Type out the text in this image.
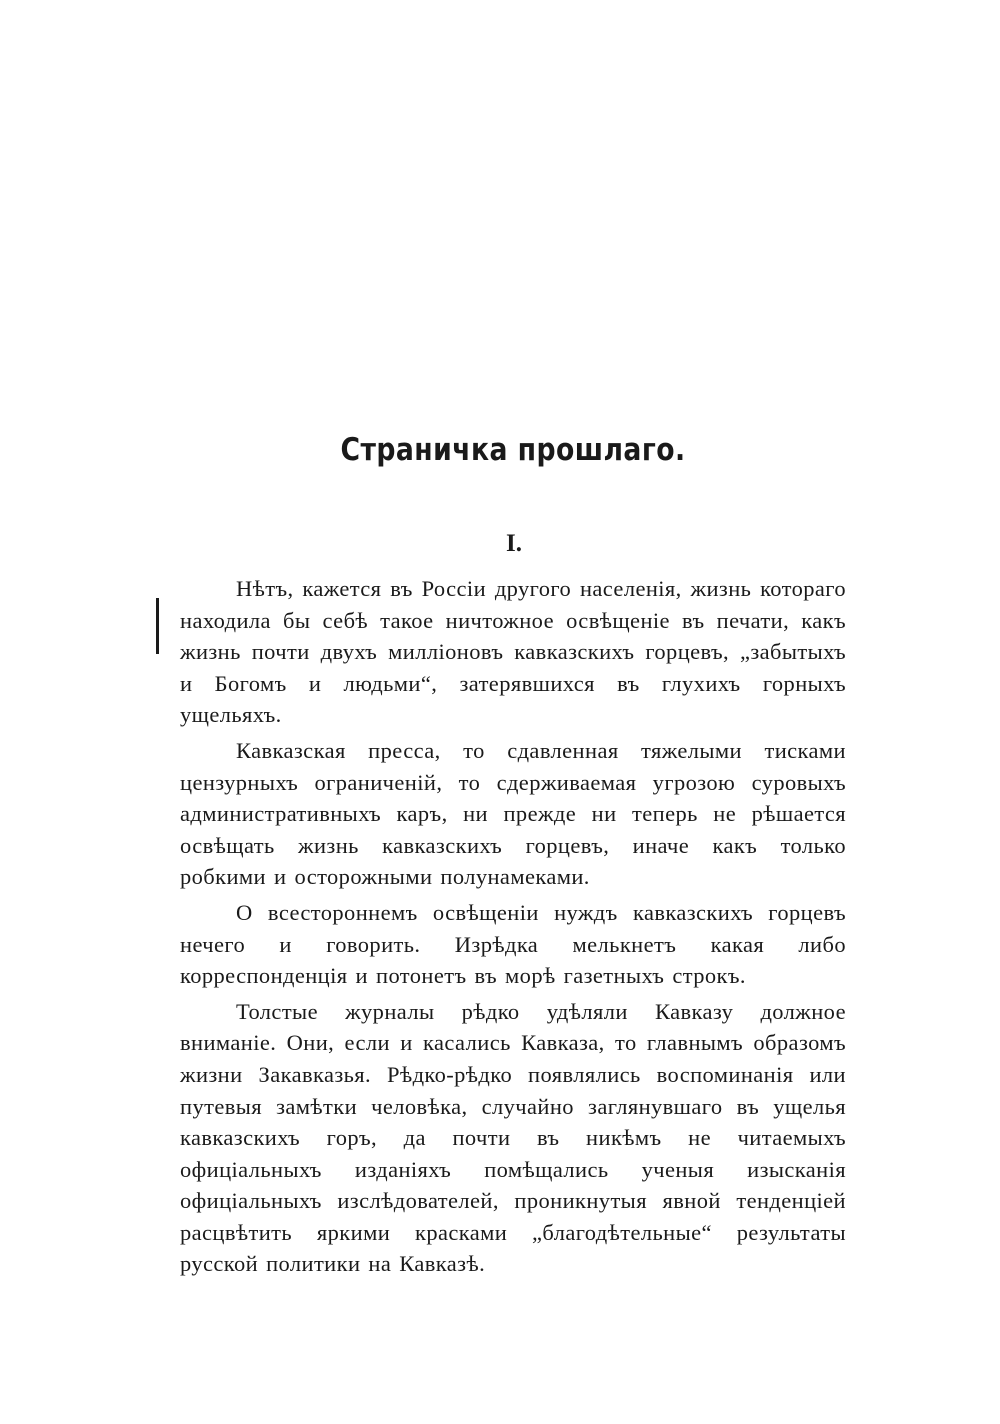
Страничка прошлаго.
I.

Нѣтъ, кажется въ Россіи другого населенія, жизнь котораго находила бы себѣ такое ничтожное освѣщеніе въ печати, какъ жизнь почти двухъ милліоновъ кавказскихъ горцевъ, „забытыхъ и Богомъ и людьми“, затерявшихся въ глухихъ горныхъ ущельяхъ.

Кавказская пресса, то сдавленная тяжелыми тисками цензурныхъ ограниченій, то сдерживаемая угрозою суровыхъ административныхъ каръ, ни прежде ни теперь не рѣшается освѣщать жизнь кавказскихъ горцевъ, иначе какъ только робкими и осторожными полунамеками.

О всестороннемъ освѣщеніи нуждъ кавказскихъ горцевъ нечего и говорить. Изрѣдка мелькнетъ какая либо корреспонденція и потонетъ въ морѣ газетныхъ строкъ.

Толстые журналы рѣдко удѣляли Кавказу должное вниманіе. Они, если и касались Кавказа, то главнымъ образомъ жизни Закавказья. Рѣдко-рѣдко появлялись воспоминанія или путевыя замѣтки человѣка, случайно заглянувшаго въ ущелья кавказскихъ горъ, да почти въ никѣмъ не читаемыхъ офиціальныхъ изданіяхъ помѣщались ученыя изысканія офиціальныхъ изслѣдователей, проникнутыя явной тенденціей расцвѣтить яркими красками „благодѣтельные“ результаты русской политики на Кавказѣ.
